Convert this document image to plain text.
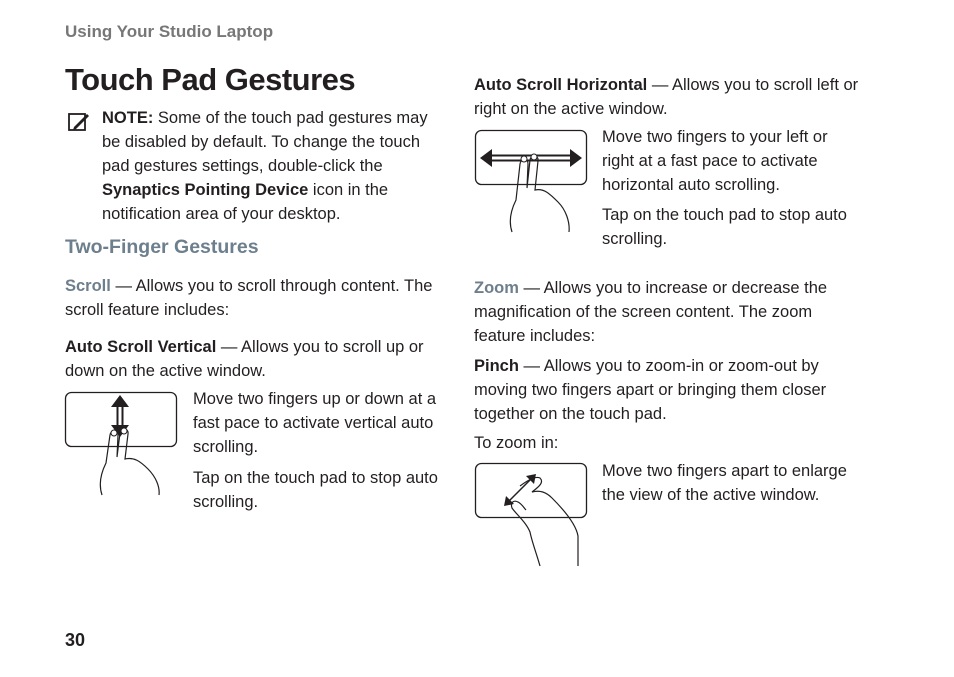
Using Your Studio Laptop
Touch Pad Gestures

NOTE: Some of the touch pad gestures may be disabled by default. To change the touch pad gestures settings, double-click the Synaptics Pointing Device icon in the notification area of your desktop.

Two-Finger Gestures

Scroll — Allows you to scroll through content. The scroll feature includes:

Auto Scroll Vertical — Allows you to scroll up or down on the active window.

Move two fingers up or down at a fast pace to activate vertical auto scrolling.

Tap on the touch pad to stop auto scrolling.

Auto Scroll Horizontal — Allows you to scroll left or right on the active window.

Move two fingers to your left or right at a fast pace to activate horizontal auto scrolling.

Tap on the touch pad to stop auto scrolling.

Zoom — Allows you to increase or decrease the magnification of the screen content. The zoom feature includes:

Pinch — Allows you to zoom-in or zoom-out by moving two fingers apart or bringing them closer together on the touch pad.

To zoom in:

Move two fingers apart to enlarge the view of the active window.

30
